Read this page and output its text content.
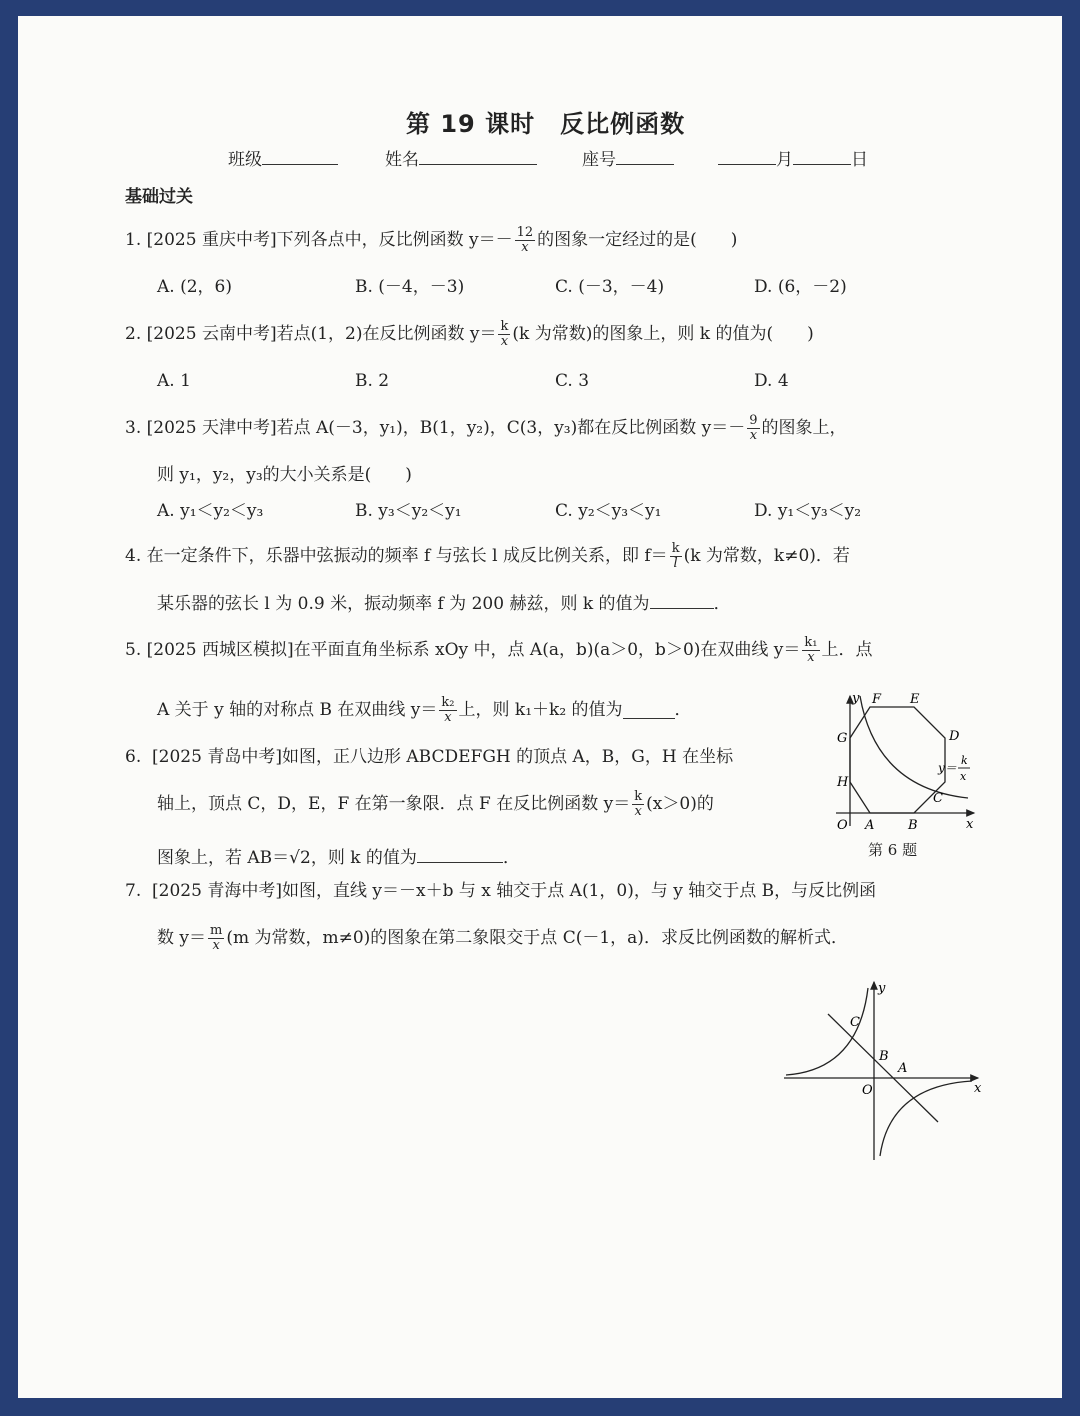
第 19 课时　反比例函数
班级	姓名	座号	月	日
基础过关
1.
[2025 重庆中考] 下列各点中，反比例函数 $y=- \frac{12}{x}$ 的图象一定经过的是(　　)
A. (2，6)	B. (－4，－3)	C. (－3，－4)	D. (6，－2)
2.
[2025 云南中考] 若点(1，2)在反比例函数 $y= \frac{k}{x} (k$ 为常数)的图象上，则 k 的值为(　　)
A. 1	B. 2	C. 3	D. 4
3.
[2025 天津中考] 若点 A(－3，y₁)，B(1，y₂)，C(3，y₃)都在反比例函数 $y=- \frac{9}{x}$ 的图象上，
则 y₁，y₂，y₃的大小关系是(　　)
A. y₁＜y₂＜y₃	B. y₃＜y₂＜y₁	C. y₂＜y₃＜y₁	D. y₁＜y₃＜y₂
4.
在一定条件下，乐器中弦振动的频率 f 与弦长 l 成反比例关系，即 $f= \frac{k}{l} (k$ 为常数，k≠0)．若
某乐器的弦长 l 为 0.9 米，振动频率 f 为 200 赫兹，则 k 的值为	．
5.
[2025 西城区模拟] 在平面直角坐标系 xOy 中，点 A(a，b)(a＞0，b＞0)在双曲线 $y= \frac{\text{k₁}}{x}$ 上．点
A 关于 y 轴的对称点 B 在双曲线 $y= \frac{\text{k₂}}{x}$ 上，则 k₁＋k₂ 的值为	．
6. [2025 青岛中考]如图，正八边形 ABCDEFGH 的顶点 A，B，G，H 在坐标
轴上，顶点 C，D，E，F 在第一象限．点 F 在反比例函数 $y= \frac{k}{x} (x>0)$的
图象上，若 AB＝√2，则 k 的值为	．
y F E
G	D
H
C
O A	B	x
y＝
k
x
第 6 题
7. [2025 青海中考]如图，直线 y＝－x＋b 与 x 轴交于点 A(1，0)，与 y 轴交于点 B，与反比例函
数 $y= \frac{m}{x} (m$ 为常数，m≠0)的图象在第二象限交于点 C(－1，a)．求反比例函数的解析式．
y
C
B
A
O	x
